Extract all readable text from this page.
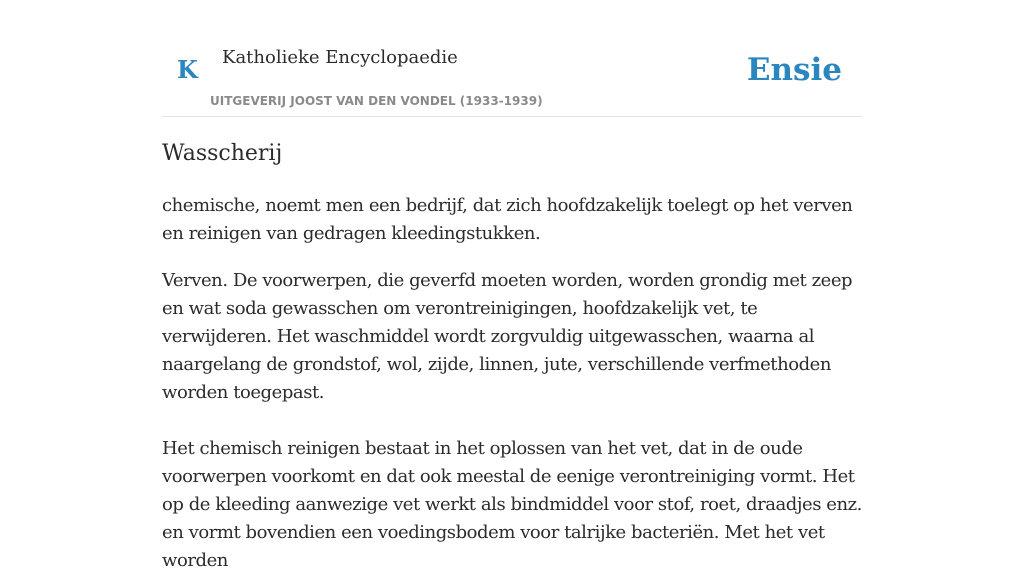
K Katholieke Encyclopaedie
UITGEVERIJ JOOST VAN DEN VONDEL (1933-1939)
Ensie
Wasscherij

chemische, noemt men een bedrijf, dat zich hoofdzakelijk toelegt op het verven en reinigen van gedragen kleedingstukken.

Verven. De voorwerpen, die geverfd moeten worden, worden grondig met zeep en wat soda gewasschen om verontreinigingen, hoofdzakelijk vet, te verwijderen. Het waschmiddel wordt zorgvuldig uitgewasschen, waarna al naargelang de grondstof, wol, zijde, linnen, jute, verschillende verfmethoden worden toegepast.

Het chemisch reinigen bestaat in het oplossen van het vet, dat in de oude voorwerpen voorkomt en dat ook meestal de eenige verontreiniging vormt. Het op de kleeding aanwezige vet werkt als bindmiddel voor stof, roet, draadjes enz. en vormt bovendien een voedingsbodem voor talrijke bacteriën. Met het vet worden
